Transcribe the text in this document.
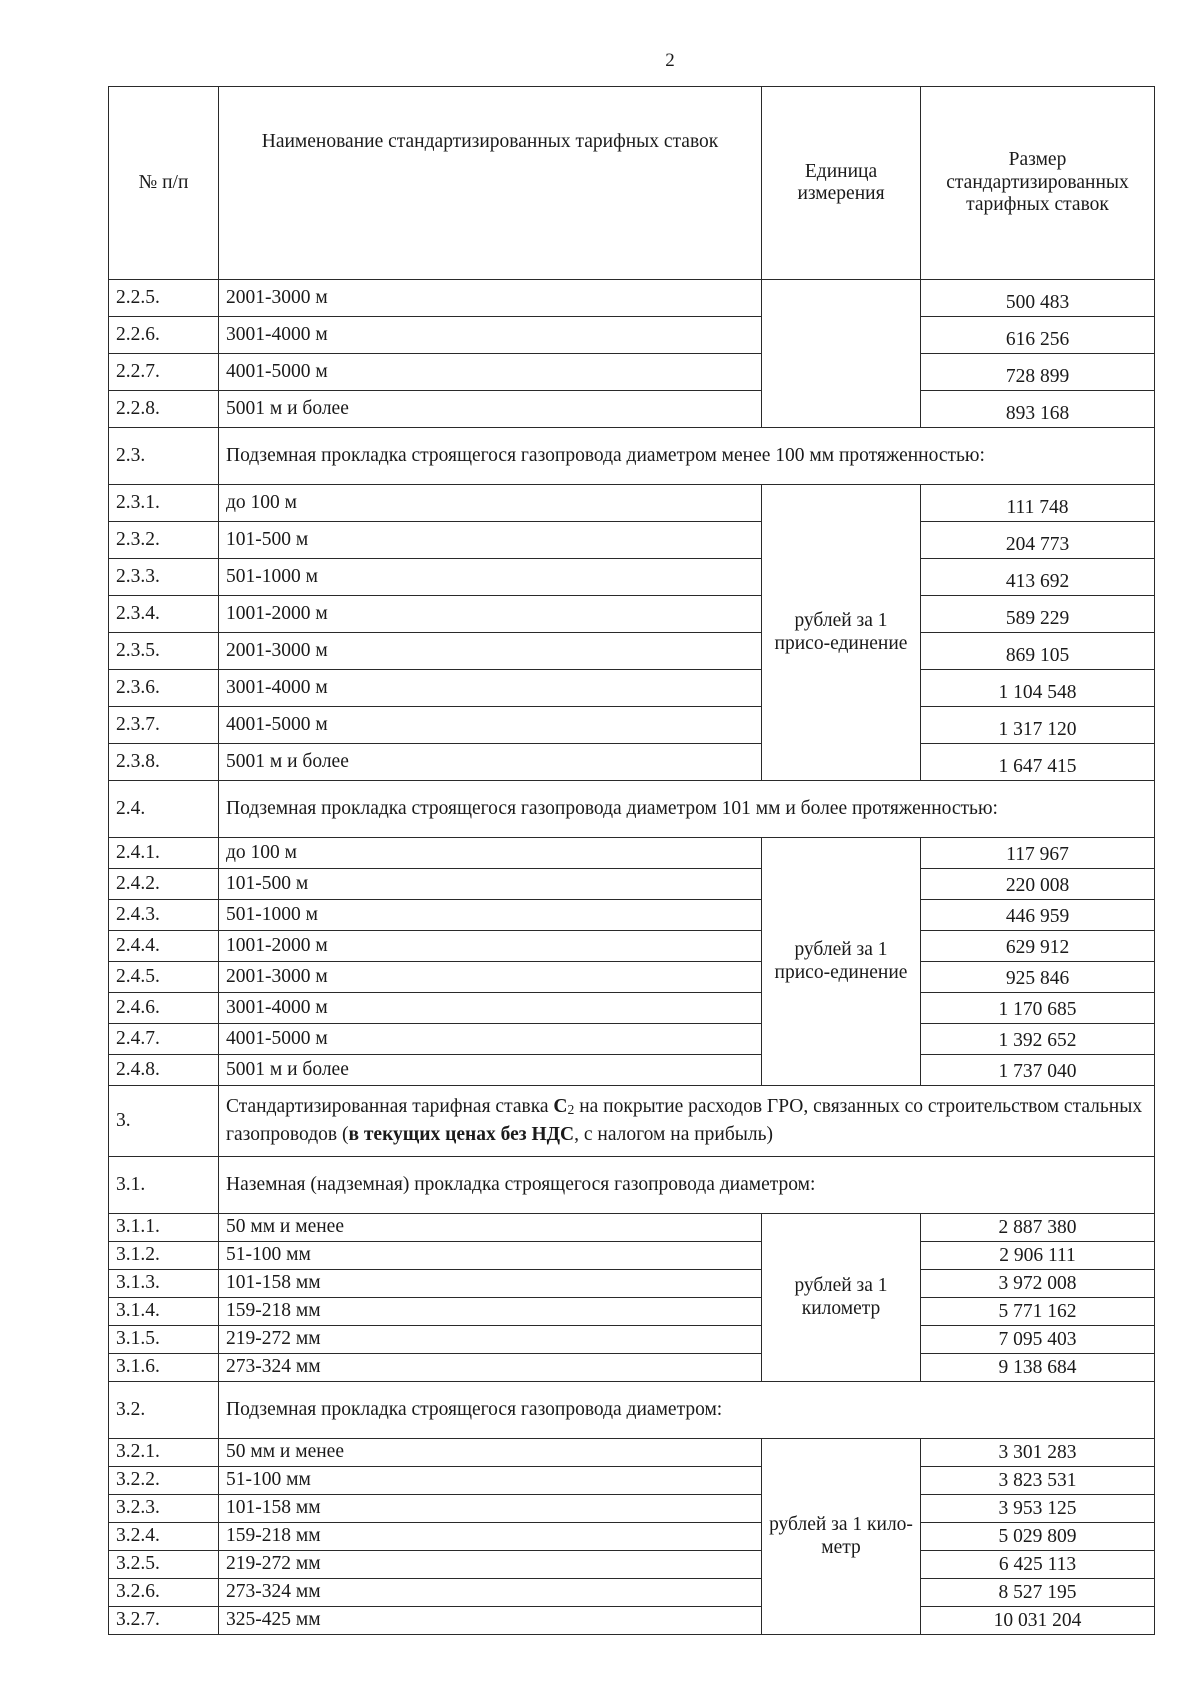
2
№ п/п	Наименование стандартизированных тарифных ставок	Единица измерения	Размер стандартизированных тарифных ставок
2.2.5.	2001-3000 м		500 483
2.2.6.	3001-4000 м		616 256
2.2.7.	4001-5000 м		728 899
2.2.8.	5001 м и более		893 168
2.3.	Подземная прокладка строящегося газопровода диаметром менее 100 мм протяженностью:		
2.3.1.	до 100 м	рублей за 1 присо-единение	111 748
2.3.2.	101-500 м		204 773
2.3.3.	501-1000 м		413 692
2.3.4.	1001-2000 м		589 229
2.3.5.	2001-3000 м		869 105
2.3.6.	3001-4000 м		1 104 548
2.3.7.	4001-5000 м		1 317 120
2.3.8.	5001 м и более		1 647 415
2.4.	Подземная прокладка строящегося газопровода диаметром 101 мм и более протяженностью:		
2.4.1.	до 100 м	рублей за 1 присо-единение	117 967
2.4.2.	101-500 м		220 008
2.4.3.	501-1000 м		446 959
2.4.4.	1001-2000 м		629 912
2.4.5.	2001-3000 м		925 846
2.4.6.	3001-4000 м		1 170 685
2.4.7.	4001-5000 м		1 392 652
2.4.8.	5001 м и более		1 737 040
3.	Стандартизированная тарифная ставка $C_2$ на покрытие расходов ГРО, связанных со строительством стальных газопроводов (в текущих ценах без НДС, с налогом на прибыль)		
3.1.	Наземная (надземная) прокладка строящегося газопровода диаметром:		
3.1.1.	50 мм и менее	рублей за 1 километр	2 887 380
3.1.2.	51-100 мм		2 906 111
3.1.3.	101-158 мм		3 972 008
3.1.4.	159-218 мм		5 771 162
3.1.5.	219-272 мм		7 095 403
3.1.6.	273-324 мм		9 138 684
3.2.	Подземная прокладка строящегося газопровода диаметром:		
3.2.1.	50 мм и менее	рублей за 1 кило-метр	3 301 283
3.2.2.	51-100 мм		3 823 531
3.2.3.	101-158 мм		3 953 125
3.2.4.	159-218 мм		5 029 809
3.2.5.	219-272 мм		6 425 113
3.2.6.	273-324 мм		8 527 195
3.2.7.	325-425 мм		10 031 204
